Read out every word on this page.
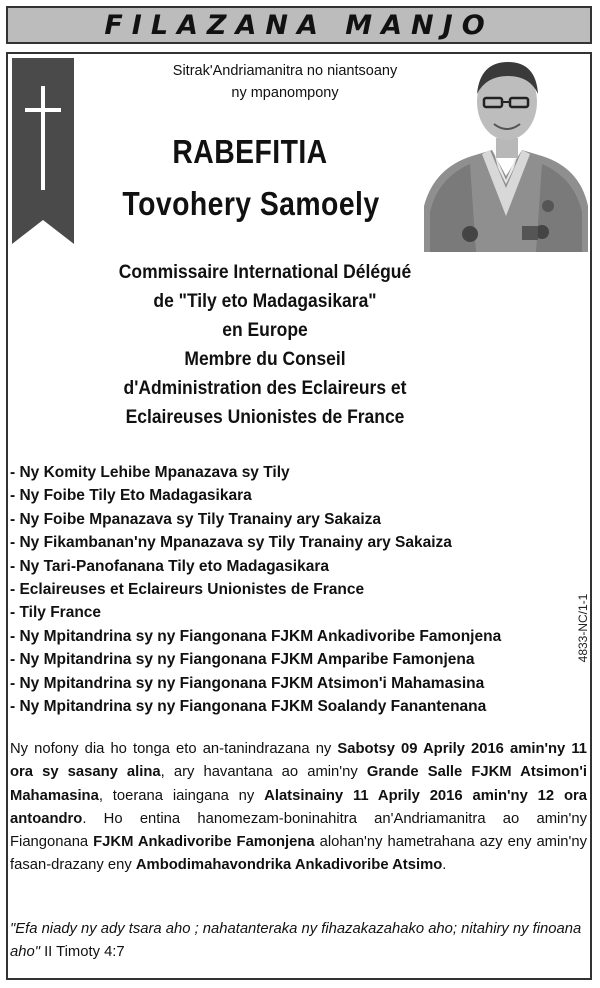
FILAZANA MANJO
Sitrak'Andriamanitra no niantsoany
ny mpanompony
RABEFITIA
Tovohery Samoely
Commissaire International Délégué
de "Tily eto Madagasikara"
en Europe
Membre du Conseil
d'Administration des Eclaireurs et
Eclaireuses Unionistes de France
- Ny Komity Lehibe Mpanazava sy Tily
- Ny Foibe Tily Eto Madagasikara
- Ny Foibe Mpanazava sy Tily Tranainy ary Sakaiza
- Ny Fikambanan'ny Mpanazava sy Tily Tranainy ary Sakaiza
- Ny Tari-Panofanana Tily eto Madagasikara
- Eclaireuses et Eclaireurs Unionistes de France
- Tily France
- Ny Mpitandrina sy ny Fiangonana FJKM Ankadivoribe Famonjena
- Ny Mpitandrina sy ny Fiangonana FJKM Amparibe Famonjena
- Ny Mpitandrina sy ny Fiangonana FJKM Atsimon'i Mahamasina
- Ny Mpitandrina sy ny Fiangonana FJKM Soalandy Fanantenana
4833-NC/1-1
Ny nofony dia ho tonga eto an-tanindrazana ny Sabotsy 09 Aprily 2016 amin'ny 11 ora sy sasany alina, ary havantana ao amin'ny Grande Salle FJKM Atsimon'i Mahamasina, toerana iaingana ny Alatsinainy 11 Aprily 2016 amin'ny 12 ora antoandro. Ho entina hanomezam-boninahitra an'Andriamanitra ao amin'ny Fiangonana FJKM Ankadivoribe Famonjena alohan'ny hametrahana azy eny amin'ny fasan-drazany eny Ambodimahavondrika Ankadivoribe Atsimo.
"Efa niady ny ady tsara aho ; nahatanteraka ny fihazakazahako aho; nitahiry ny finoana aho" II Timoty 4:7
